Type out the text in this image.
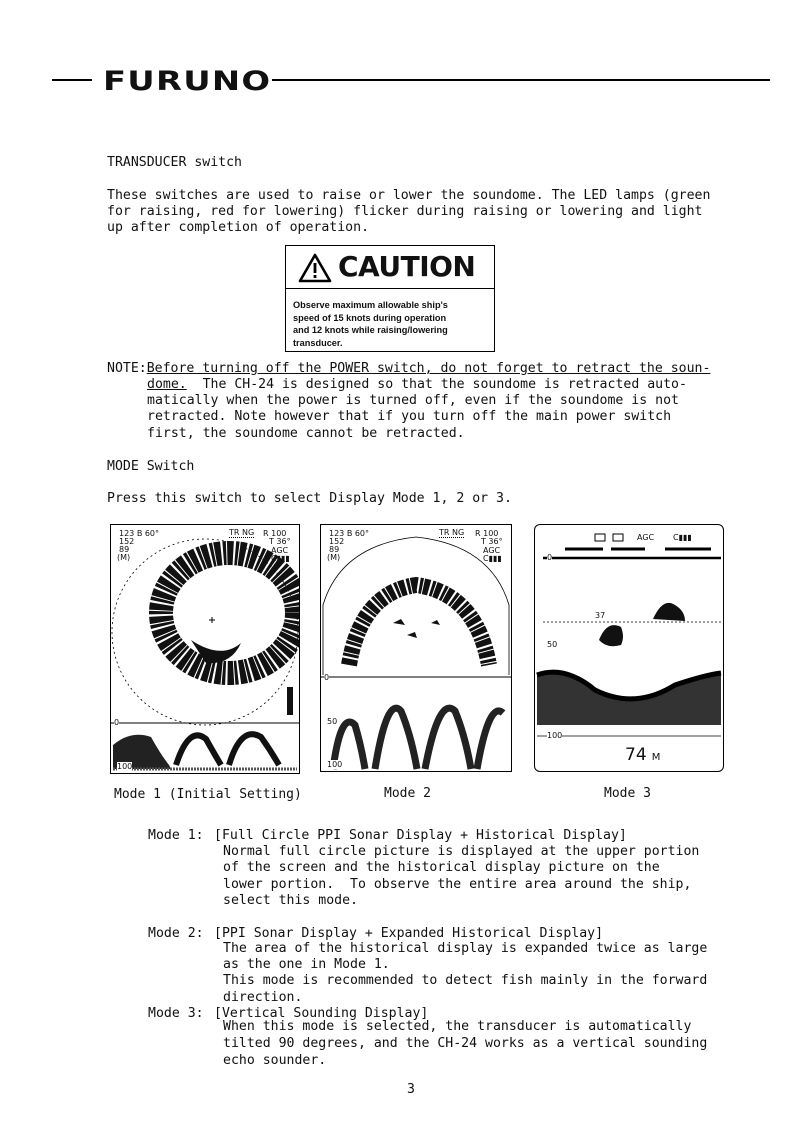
FURUNO
TRANSDUCER switch
These switches are used to raise or lower the soundome. The LED lamps (green
for raising, red for lowering) flicker during raising or lowering and light
up after completion of operation.
CAUTION
Observe maximum allowable ship's
speed of 15 knots during operation
and 12 knots while raising/lowering
transducer.
NOTE:Before turning off the POWER switch, do not forget to retract the soun-
dome.  The CH-24 is designed so that the soundome is retracted auto-
matically when the power is turned off, even if the soundome is not
retracted. Note however that if you turn off the main power switch
first, the soundome cannot be retracted.
MODE Switch
Press this switch to select Display Mode 1, 2 or 3.
123 B 60°
152
89
(M)
TR NG R 100
T 36°
AGC
C▮▮▮
0
100
123 B 60°
152
89
(M)
TR NG R 100
T 36°
AGC
C▮▮▮
0
50
100
AGC C▮▮▮
0
37
50
100
74 M
Mode 1 (Initial Setting)	Mode 2	Mode 3
Mode 1: [Full Circle PPI Sonar Display + Historical Display]
Normal full circle picture is displayed at the upper portion
of the screen and the historical display picture on the
lower portion.  To observe the entire area around the ship,
select this mode.
Mode 2: [PPI Sonar Display + Expanded Historical Display]
The area of the historical display is expanded twice as large
as the one in Mode 1.
This mode is recommended to detect fish mainly in the forward
direction.
Mode 3: [Vertical Sounding Display]
When this mode is selected, the transducer is automatically
tilted 90 degrees, and the CH-24 works as a vertical sounding
echo sounder.
3
